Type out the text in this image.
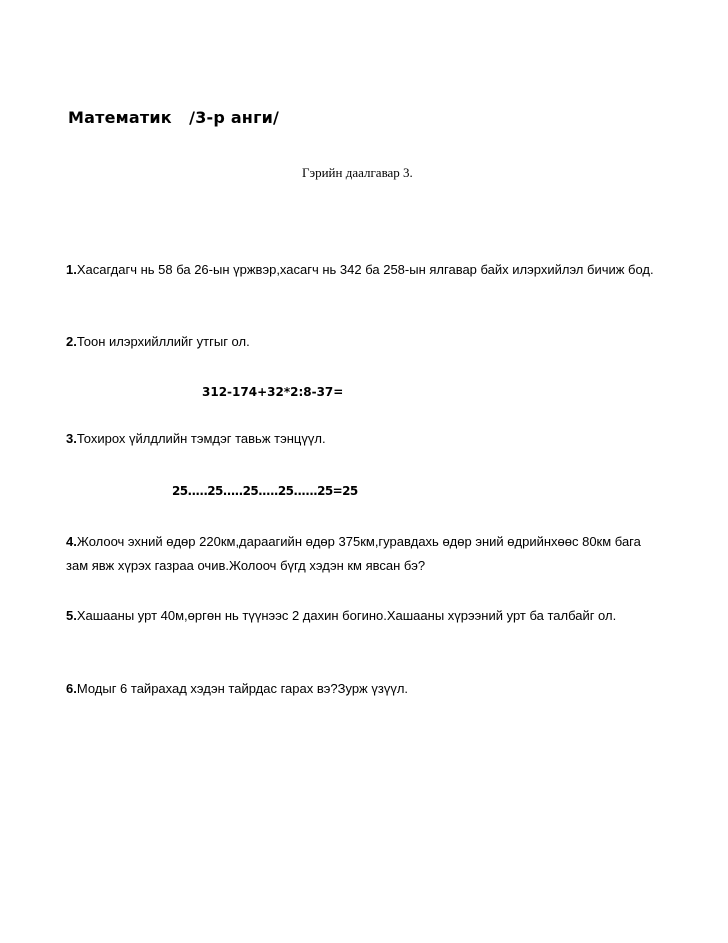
Математик   /3-р анги/
Гэрийн даалгавар 3.
1.Хасагдагч нь 58 ба 26-ын үржвэр,хасагч нь 342 ба 258-ын ялгавар байх илэрхийлэл бичиж бод.
2.Тоон илэрхийллийг утгыг ол.
312-174+32*2:8-37=
3.Тохирох үйлдлийн тэмдэг тавьж тэнцүүл.
25.....25.....25.....25......25=25
4.Жолооч эхний өдөр 220км,дараагийн өдөр 375км,гуравдахь өдөр эний өдрийнхөөс 80км бага зам явж хүрэх газраа очив.Жолооч бүгд хэдэн км явсан бэ?
5.Хашааны урт 40м,өргөн нь түүнээс 2 дахин богино.Хашааны хүрээний урт ба талбайг ол.
6.Модыг 6 тайрахад хэдэн тайрдас гарах вэ?Зурж үзүүл.
